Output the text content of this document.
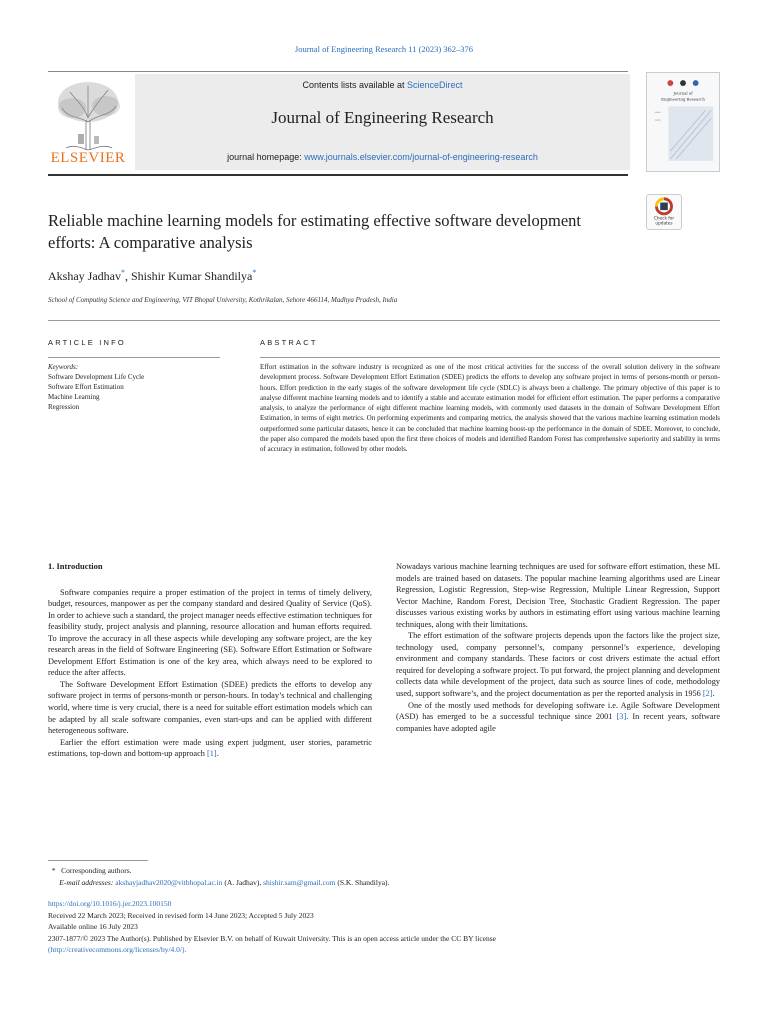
Journal of Engineering Research 11 (2023) 362–376
ELSEVIER
Contents lists available at ScienceDirect
Journal of Engineering Research
journal homepage: www.journals.elsevier.com/journal-of-engineering-research
Journal of
Engineering Research
Check for
updates
Reliable machine learning models for estimating effective software development efforts: A comparative analysis
Akshay Jadhav*, Shishir Kumar Shandilya*
School of Computing Science and Engineering, VIT Bhopal University, Kothrikalan, Sehore 466114, Madhya Pradesh, India
ARTICLE INFO
Keywords:
Software Development Life Cycle
Software Effort Estimation
Machine Learning
Regression
ABSTRACT
Effort estimation in the software industry is recognized as one of the most critical activities for the success of the overall solution delivery in the software development process. Software Development Effort Estimation (SDEE) predicts the efforts to develop any software project in terms of persons-month or person-hours. Effort prediction in the early stages of the software development life cycle (SDLC) is always been a challenge. The primary objective of this paper is to analyse different machine learning models and to identify a stable and accurate estimation model for efficient effort estimation. The paper performs a comparative analysis, to analyze the performance of eight different machine learning models, with commonly used datasets in the domain of Software Development Effort Estimation, in terms of eight metrics. On performing experiments and comparing metrics, the analysis showed that the various machine learning estimation models outperformed some particular datasets, hence it can be concluded that machine learning boost-up the performance in the domain of SDEE. Moreover, to conclude, the paper also compared the models based upon the first three choices of models and identified Random Forest has comprehensive superiority and stability in terms of accuracy in estimation, followed by other models.
1. Introduction

Software companies require a proper estimation of the project in terms of timely delivery, budget, resources, manpower as per the company standard and desired Quality of Service (QoS). In order to achieve such a standard, the project manager needs effective estimation techniques for feasibility study, project analysis and planning, resource allocation and human efforts required. To improve the accuracy in all these aspects while developing any software project, are the key research areas in the field of Software Engineering (SE). Software Effort Estimation or Software Development Effort Estimation is one of the key area, which always need to be explored to reduce the after affects.

The Software Development Effort Estimation (SDEE) predicts the efforts to develop any software project in terms of persons-month or person-hours. In today’s technical and challenging world, where time is very crucial, there is a need for suitable effort estimation models which can be adapted by all scale software companies, even start-ups and can be applied with different heterogeneous software.

Earlier the effort estimation were made using expert judgment, user stories, parametric estimations, top-down and bottom-up approach [1].

Nowadays various machine learning techniques are used for software effort estimation, these ML models are trained based on datasets. The popular machine learning algorithms used are Linear Regression, Logistic Regression, Step-wise Regression, Multiple Linear Regression, Support Vector Machine, Random Forest, Decision Tree, Stochastic Gradient Regression. The paper discusses various existing works by authors in estimating effort using various machine learning techniques, along with their limitations.

The effort estimation of the software projects depends upon the factors like the project size, technology used, company personnel’s, company personnel’s experience, developing environment and company standards. These factors or cost drivers estimate the actual effort required for developing a software project. To put forward, the project planning and development collects data while development of the project, data such as source lines of code, methodology used, support software’s, and the project documentation as per the reported analysis in 1956 [2].

One of the mostly used methods for developing software i.e. Agile Software Development (ASD) has emerged to be a successful technique since 2001 [3]. In recent years, software companies have adopted agile

*   Corresponding authors.
E-mail addresses: akshayjadhav2020@vitbhopal.ac.in (A. Jadhav), shishir.sam@gmail.com (S.K. Shandilya).
https://doi.org/10.1016/j.jer.2023.100150
Received 22 March 2023; Received in revised form 14 June 2023; Accepted 5 July 2023
Available online 16 July 2023
2307-1877/© 2023 The Author(s). Published by Elsevier B.V. on behalf of Kuwait University. This is an open access article under the CC BY license
(http://creativecommons.org/licenses/by/4.0/).
